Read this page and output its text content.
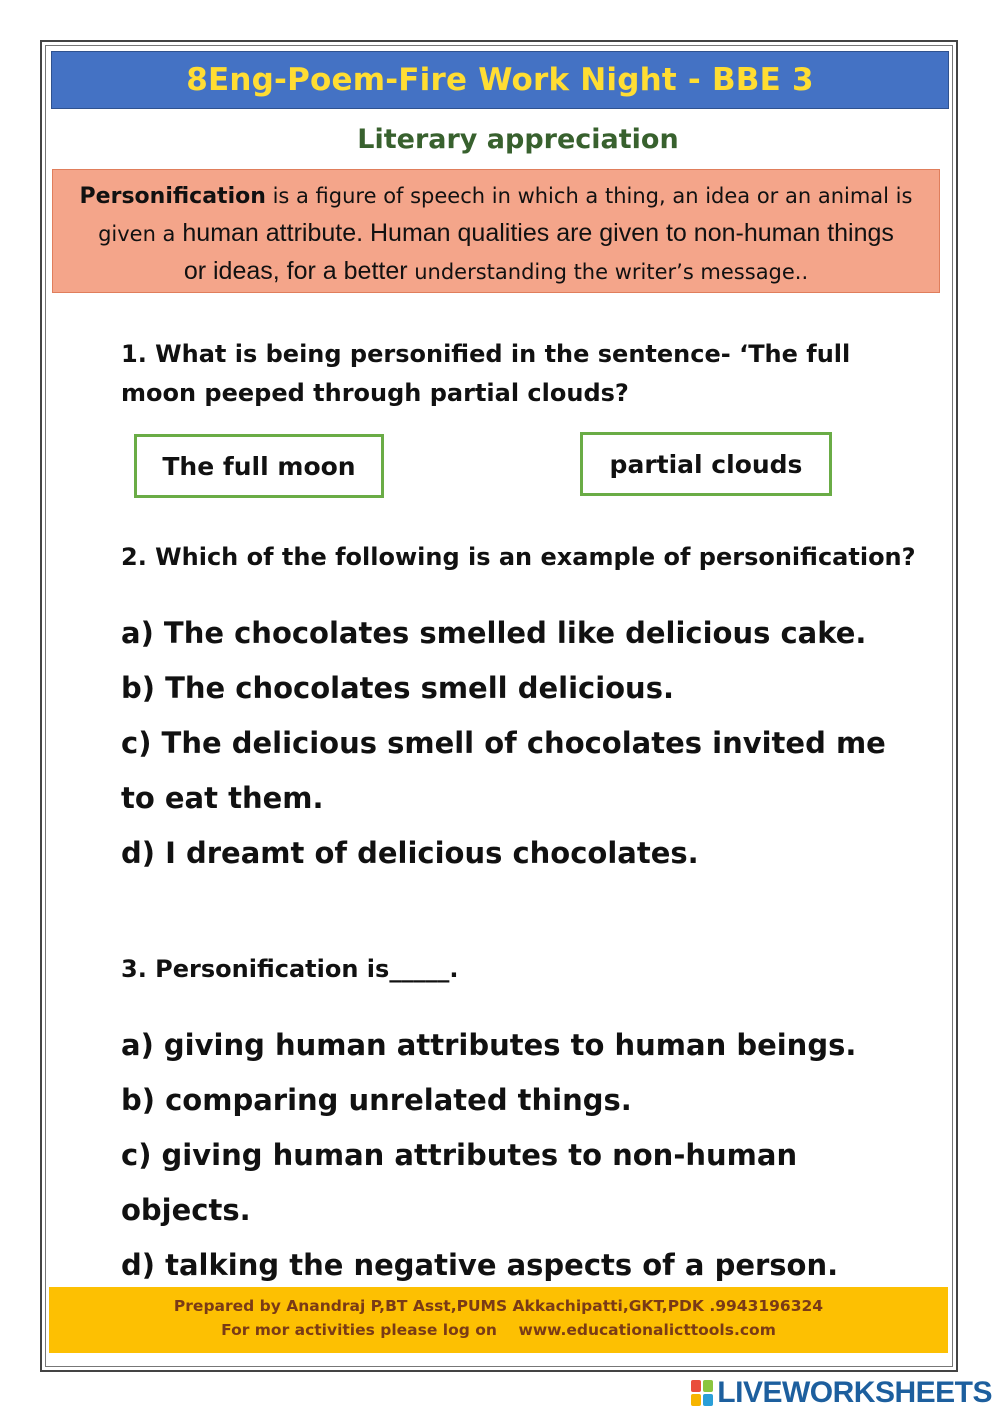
8Eng-Poem-Fire Work Night - BBE 3
Literary appreciation
Personification is a figure of speech in which a thing, an idea or an animal is
given a human attribute. Human qualities are given to non-human things
or ideas, for a better understanding the writer’s message..
1. What is being personified in the sentence- ‘The full moon peeped through partial clouds?
The full moon	partial clouds
2. Which of the following is an example of personification?
a) The chocolates smelled like delicious cake.
b) The chocolates smell delicious.
c) The delicious smell of chocolates invited me to eat them.
d) I dreamt of delicious chocolates.
3. Personification is_____.
a) giving human attributes to human beings.
b) comparing unrelated things.
c) giving human attributes to non-human objects.
d) talking the negative aspects of a person.
Prepared by Anandraj P,BT Asst,PUMS Akkachipatti,GKT,PDK .9943196324
For mor activities please log on    www.educationalicttools.com
LIVEWORKSHEETS
